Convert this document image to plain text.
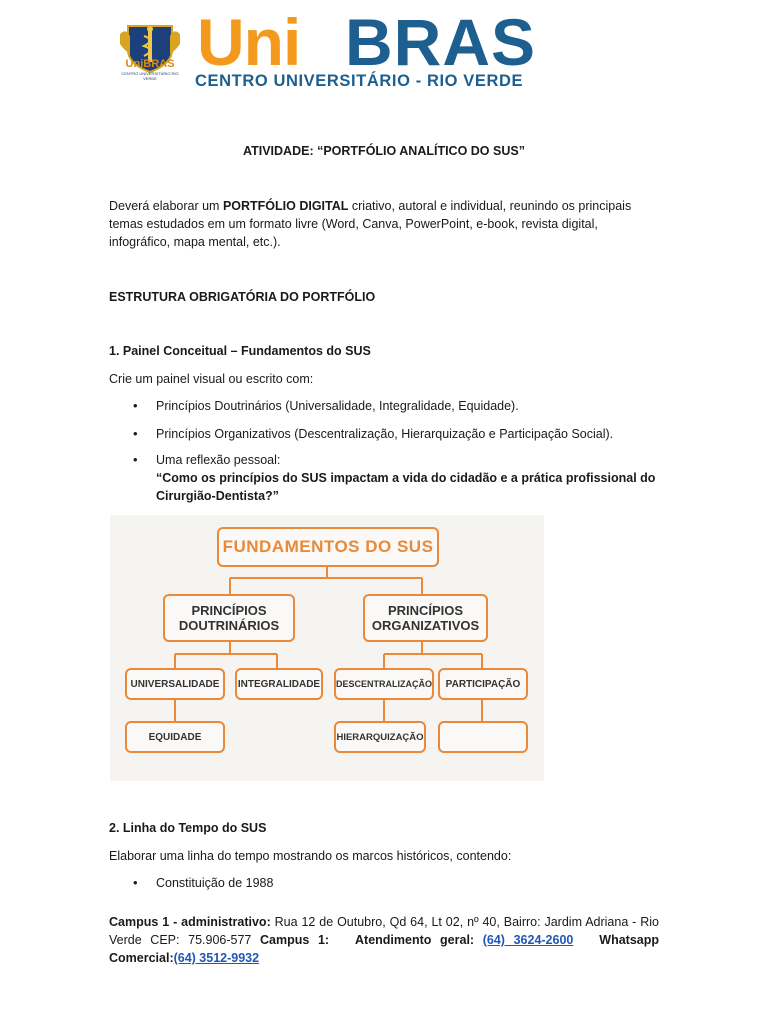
UniBRAS
CENTRO UNIVERSITÁRIO RIO VERDE Uni BRAS
CENTRO UNIVERSITÁRIO - RIO VERDE
ATIVIDADE: “PORTFÓLIO ANALÍTICO DO SUS”
Deverá elaborar um PORTFÓLIO DIGITAL criativo, autoral e individual, reunindo os principais temas estudados em um formato livre (Word, Canva, PowerPoint, e-book, revista digital, infográfico, mapa mental, etc.).
ESTRUTURA OBRIGATÓRIA DO PORTFÓLIO
1. Painel Conceitual – Fundamentos do SUS
Crie um painel visual ou escrito com:
• Princípios Doutrinários (Universalidade, Integralidade, Equidade).
• Princípios Organizativos (Descentralização, Hierarquização e Participação Social).
• Uma reflexão pessoal:
“Como os princípios do SUS impactam a vida do cidadão e a prática profissional do Cirurgião-Dentista?”
FUNDAMENTOS DO SUS
PRINCÍPIOS DOUTRINÁRIOS
PRINCÍPIOS ORGANIZATIVOS
UNIVERSALIDADE	INTEGRALIDADE
EQUIDADE
DESCENTRALIZAÇÃO	PARTICIPAÇÃO
HIERARQUIZAÇÃO
2. Linha do Tempo do SUS
Elaborar uma linha do tempo mostrando os marcos históricos, contendo:
• Constituição de 1988
Campus 1 - administrativo: Rua 12 de Outubro, Qd 64, Lt 02, nº 40, Bairro: Jardim Adriana - Rio Verde CEP: 75.906-577 Campus 1: Atendimento geral: (64) 3624-2600 Whatsapp Comercial:(64) 3512-9932
